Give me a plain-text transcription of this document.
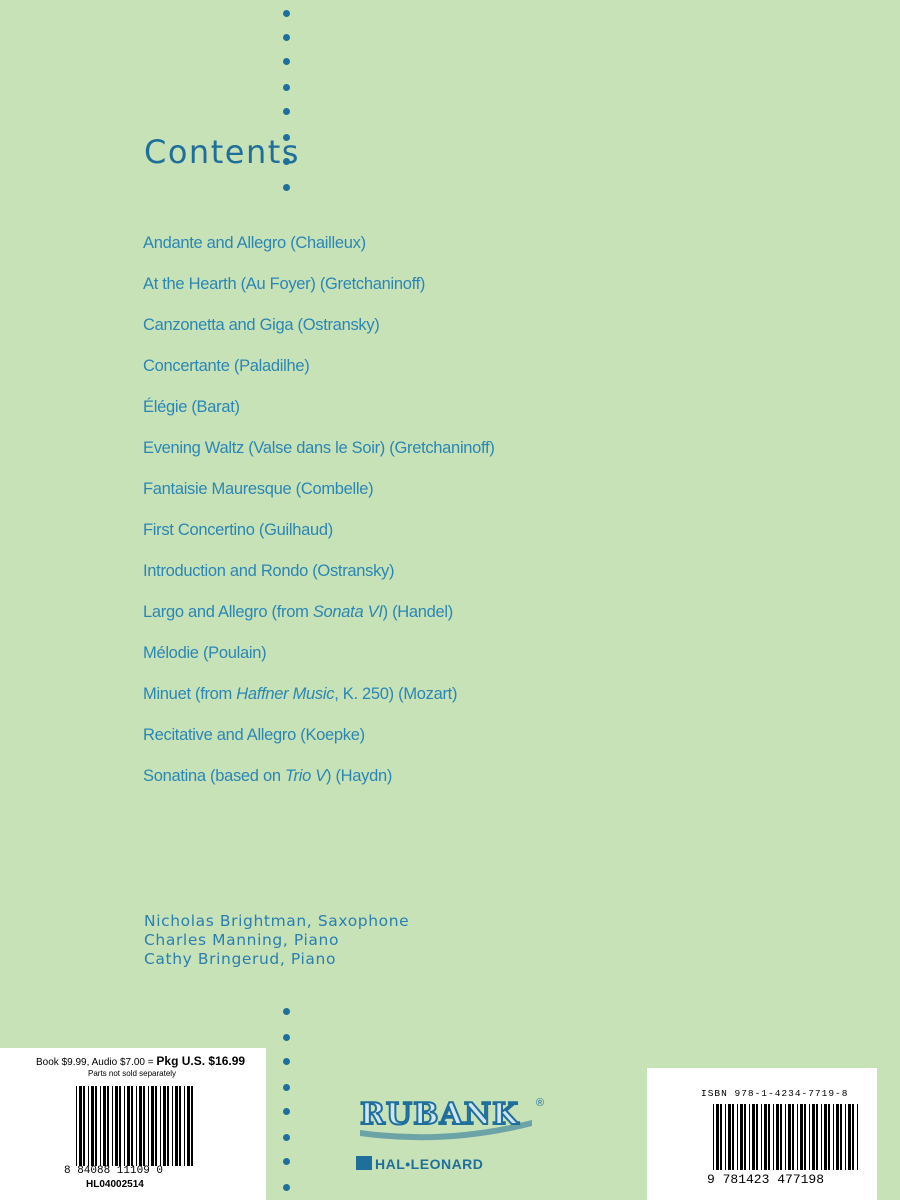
Contents
Andante and Allegro (Chailleux)
At the Hearth (Au Foyer) (Gretchaninoff)
Canzonetta and Giga (Ostransky)
Concertante (Paladilhe)
Élégie (Barat)
Evening Waltz (Valse dans le Soir) (Gretchaninoff)
Fantaisie Mauresque (Combelle)
First Concertino (Guilhaud)
Introduction and Rondo (Ostransky)
Largo and Allegro (from Sonata VI) (Handel)
Mélodie (Poulain)
Minuet (from Haffner Music, K. 250) (Mozart)
Recitative and Allegro (Koepke)
Sonatina (based on Trio V) (Haydn)
Nicholas Brightman, Saxophone
Charles Manning, Piano
Cathy Bringerud, Piano
Book $9.99, Audio $7.00 = Pkg U.S. $16.99
Parts not sold separately
8 84088 11109 0
HL04002514
RUBANK ®
HAL•LEONARD
ISBN 978-1-4234-7719-8
9 781423 477198
